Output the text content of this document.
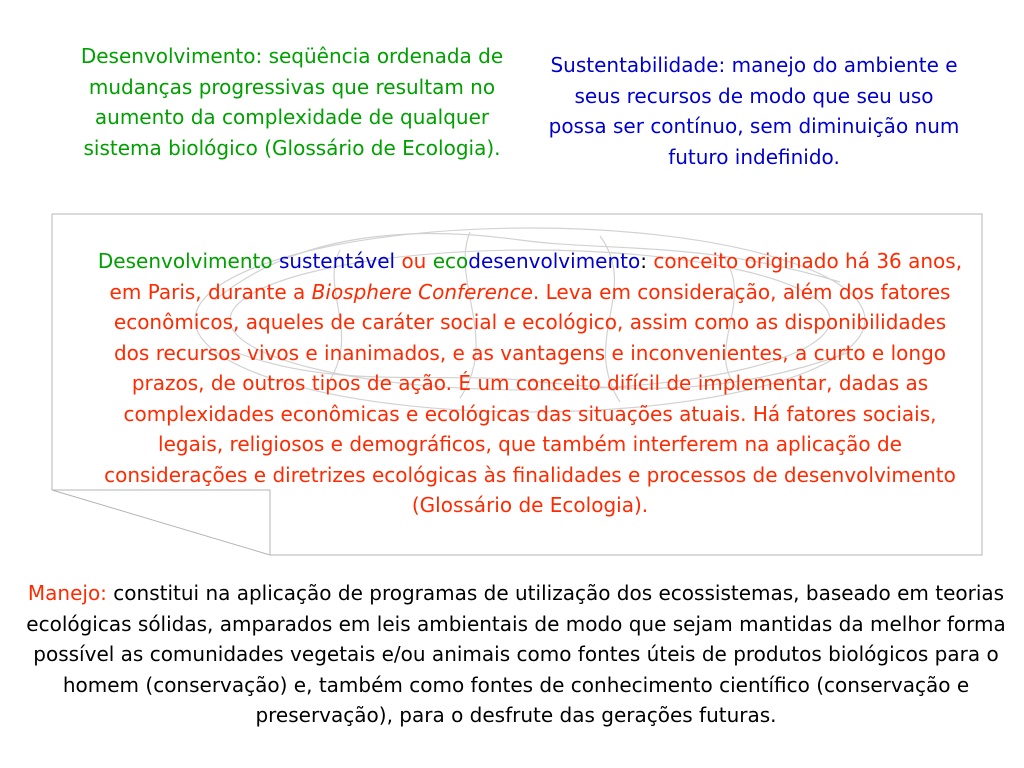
Desenvolvimento: seqüência ordenada de mudanças progressivas que resultam no aumento da complexidade de qualquer sistema biológico (Glossário de Ecologia).

Sustentabilidade: manejo do ambiente e seus recursos de modo que seu uso possa ser contínuo, sem diminuição num futuro indefinido.

Desenvolvimento sustentável ou ecodesenvolvimento: conceito originado há 36 anos, em Paris, durante a Biosphere Conference. Leva em consideração, além dos fatores econômicos, aqueles de caráter social e ecológico, assim como as disponibilidades dos recursos vivos e inanimados, e as vantagens e inconvenientes, a curto e longo prazos, de outros tipos de ação. É um conceito difícil de implementar, dadas as complexidades econômicas e ecológicas das situações atuais. Há fatores sociais, legais, religiosos e demográficos, que também interferem na aplicação de considerações e diretrizes ecológicas às finalidades e processos de desenvolvimento (Glossário de Ecologia).

Manejo: constitui na aplicação de programas de utilização dos ecossistemas, baseado em teorias ecológicas sólidas, amparados em leis ambientais de modo que sejam mantidas da melhor forma possível as comunidades vegetais e/ou animais como fontes úteis de produtos biológicos para o homem (conservação) e, também como fontes de conhecimento científico (conservação e preservação), para o desfrute das gerações futuras.
